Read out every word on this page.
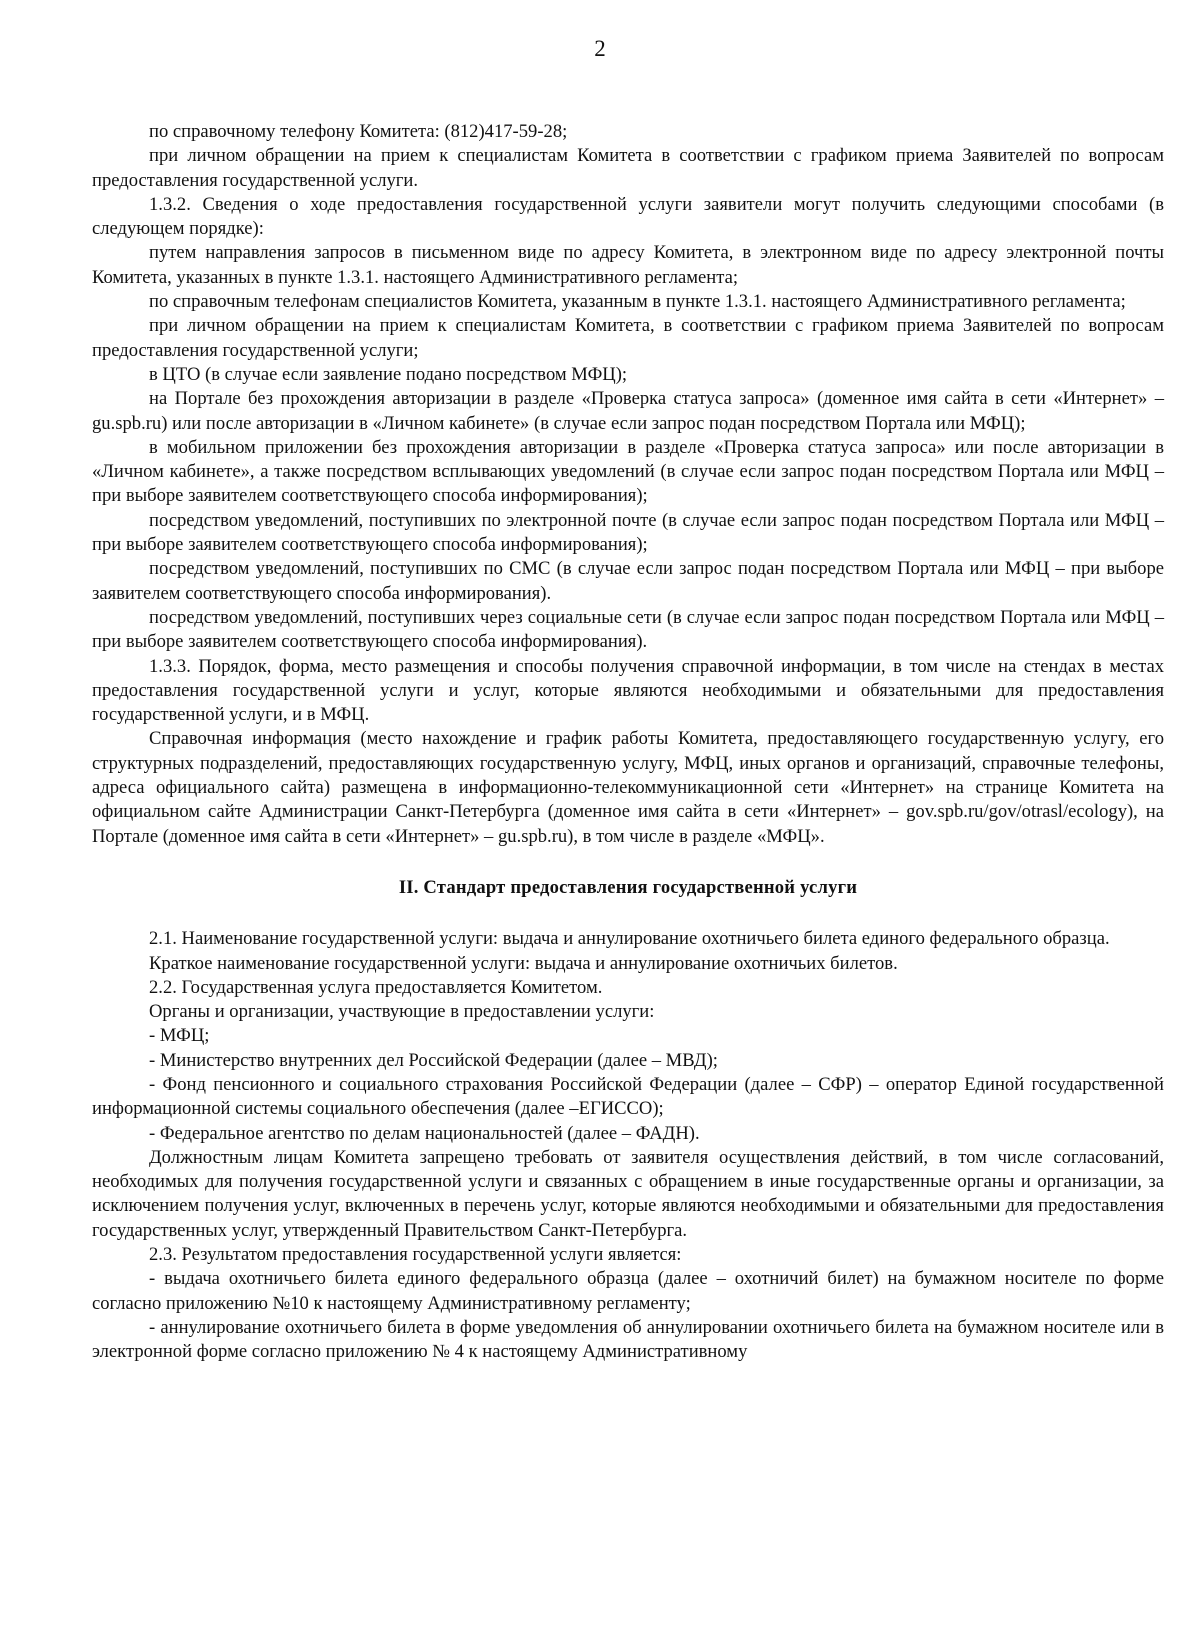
2

по справочному телефону Комитета: (812)417-59-28;

при личном обращении на прием к специалистам Комитета в соответствии с графиком приема Заявителей по вопросам предоставления государственной услуги.

1.3.2. Сведения о ходе предоставления государственной услуги заявители могут получить следующими способами (в следующем порядке):

путем направления запросов в письменном виде по адресу Комитета, в электронном виде по адресу электронной почты Комитета, указанных в пункте 1.3.1. настоящего Административного регламента;

по справочным телефонам специалистов Комитета, указанным в пункте 1.3.1. настоящего Административного регламента;

при личном обращении на прием к специалистам Комитета, в соответствии с графиком приема Заявителей по вопросам предоставления государственной услуги;

в ЦТО (в случае если заявление подано посредством МФЦ);

на Портале без прохождения авторизации в разделе «Проверка статуса запроса» (доменное имя сайта в сети «Интернет» – gu.spb.ru) или после авторизации в «Личном кабинете» (в случае если запрос подан посредством Портала или МФЦ);

в мобильном приложении без прохождения авторизации в разделе «Проверка статуса запроса» или после авторизации в «Личном кабинете», а также посредством всплывающих уведомлений (в случае если запрос подан посредством Портала или МФЦ – при выборе заявителем соответствующего способа информирования);

посредством уведомлений, поступивших по электронной почте (в случае если запрос подан посредством Портала или МФЦ – при выборе заявителем соответствующего способа информирования);

посредством уведомлений, поступивших по СМС (в случае если запрос подан посредством Портала или МФЦ – при выборе заявителем соответствующего способа информирования).

посредством уведомлений, поступивших через социальные сети (в случае если запрос подан посредством Портала или МФЦ – при выборе заявителем соответствующего способа информирования).

1.3.3. Порядок, форма, место размещения и способы получения справочной информации, в том числе на стендах в местах предоставления государственной услуги и услуг, которые являются необходимыми и обязательными для предоставления государственной услуги, и в МФЦ.

Справочная информация (место нахождение и график работы Комитета, предоставляющего государственную услугу, его структурных подразделений, предоставляющих государственную услугу, МФЦ, иных органов и организаций, справочные телефоны, адреса официального сайта) размещена в информационно-телекоммуникационной сети «Интернет» на странице Комитета на официальном сайте Администрации Санкт-Петербурга (доменное имя сайта в сети «Интернет» – gov.spb.ru/gov/otrasl/ecology), на Портале (доменное имя сайта в сети «Интернет» – gu.spb.ru), в том числе в разделе «МФЦ».

II. Стандарт предоставления государственной услуги

2.1. Наименование государственной услуги: выдача и аннулирование охотничьего билета единого федерального образца.

Краткое наименование государственной услуги: выдача и аннулирование охотничьих билетов.

2.2. Государственная услуга предоставляется Комитетом.

Органы и организации, участвующие в предоставлении услуги:

- МФЦ;

- Министерство внутренних дел Российской Федерации (далее – МВД);

- Фонд пенсионного и социального страхования Российской Федерации (далее – СФР) – оператор Единой государственной информационной системы социального обеспечения (далее –ЕГИССО);

- Федеральное агентство по делам национальностей (далее – ФАДН).

Должностным лицам Комитета запрещено требовать от заявителя осуществления действий, в том числе согласований, необходимых для получения государственной услуги и связанных с обращением в иные государственные органы и организации, за исключением получения услуг, включенных в перечень услуг, которые являются необходимыми и обязательными для предоставления государственных услуг, утвержденный Правительством Санкт-Петербурга.

2.3. Результатом предоставления государственной услуги является:

- выдача охотничьего билета единого федерального образца (далее – охотничий билет) на бумажном носителе по форме согласно приложению №10 к настоящему Административному регламенту;

- аннулирование охотничьего билета в форме уведомления об аннулировании охотничьего билета на бумажном носителе или в электронной форме согласно приложению № 4 к настоящему Административному
